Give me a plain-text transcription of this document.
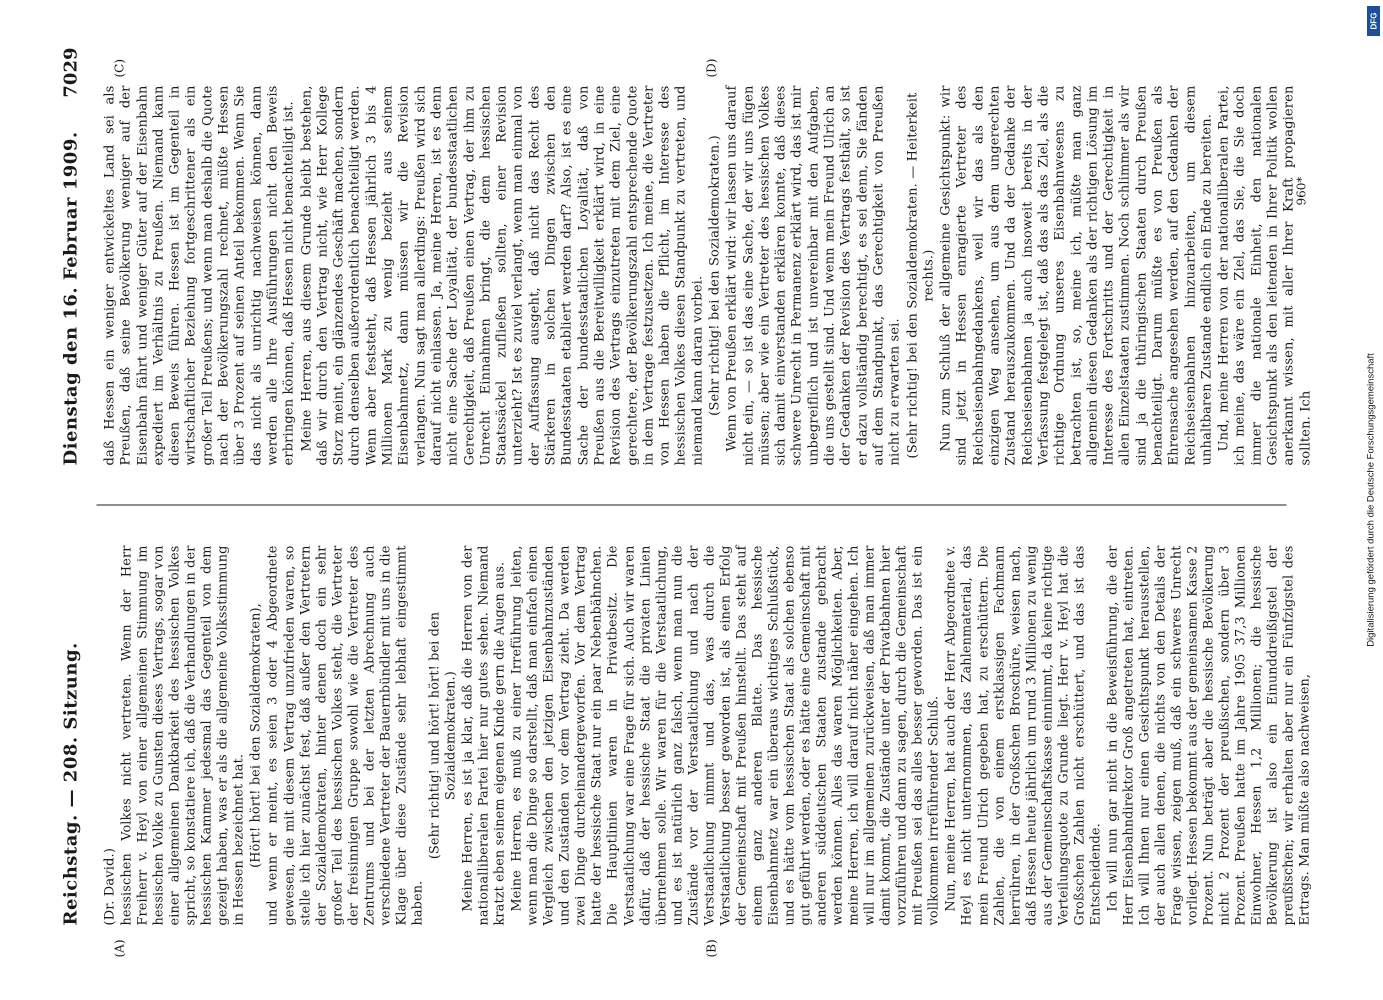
Reichstag. — 208. Sitzung.
Dienstag den 16. Februar 1909.
7029
(A)	(B)
(C)	(D)
(Dr. David.) hessischen Volkes nicht vertreten. Wenn der Herr Freiherr v. Heyl von einer allgemeinen Stimmung im hessischen Volke zu Gunsten dieses Vertrags, sogar von einer allgemeinen Dankbarkeit des hessischen Volkes spricht, so konstatiere ich, daß die Verhandlungen in der hessischen Kammer jedesmal das Gegenteil von dem gezeigt haben, was er als die allgemeine Volksstimmung in Hessen bezeichnet hat. (Hört! hört! bei den Sozialdemokraten), und wenn er meint, es seien 3 oder 4 Abgeordnete gewesen, die mit diesem Vertrag unzufrieden waren, so stelle ich hier zunächst fest, daß außer den Vertretern der Sozialdemokraten, hinter denen doch ein sehr großer Teil des hessischen Volkes steht, die Vertreter der freisinnigen Gruppe sowohl wie die Vertreter des Zentrums und bei der letzten Abrechnung auch verschiedene Vertreter der Bauernbündler mit uns in die Klage über diese Zustände sehr lebhaft eingestimmt haben.

(Sehr richtig! und hört! hört! bei den Sozialdemokraten.) Meine Herren, es ist ja klar, daß die Herren von der nationalliberalen Partei hier nur gutes sehen. Niemand kratzt eben seinem eigenen Kinde gern die Augen aus. Meine Herren, es muß zu einer Irreführung leiten, wenn man die Dinge so darstellt, daß man einfach einen Vergleich zwischen den jetzigen Eisenbahnzuständen und den Zuständen vor dem Vertrag zieht. Da werden zwei Dinge durcheinandergeworfen. Vor dem Vertrag hatte der hessische Staat nur ein paar Nebenbähnchen. Die Hauptlinien waren in Privatbesitz. Die Verstaatlichung war eine Frage für sich. Auch wir waren dafür, daß der hessische Staat die privaten Linien übernehmen solle. Wir waren für die Verstaatlichung, und es ist natürlich ganz falsch, wenn man nun die Zustände vor der Verstaatlichung und nach der Verstaatlichung nimmt und das, was durch die Verstaatlichung besser geworden ist, als einen Erfolg der Gemeinschaft mit Preußen hinstellt. Das steht auf einem ganz anderen Blatte. Das hessische Eisenbahnnetz war ein überaus wichtiges Schlußstück, und es hätte vom hessischen Staat als solchen ebenso gut geführt werden, oder es hätte eine Gemeinschaft mit anderen süddeutschen Staaten zustande gebracht werden können. Alles das waren Möglichkeiten. Aber, meine Herren, ich will darauf nicht näher eingehen. Ich will nur im allgemeinen zurückweisen, daß man immer damit kommt, die Zustände unter der Privatbahnen hier vorzuführen und dann zu sagen, durch die Gemeinschaft mit Preußen sei das alles besser geworden. Das ist ein vollkommen irreführender Schluß. Nun, meine Herren, hat auch der Herr Abgeordnete v. Heyl es nicht unternommen, das Zahlenmaterial, das mein Freund Ulrich gegeben hat, zu erschüttern. Die Zahlen, die von einem erstklassigen Fachmann herrühren, in der Großschen Broschüre, weisen nach, daß Hessen heute jährlich um rund 3 Millionen zu wenig aus der Gemeinschaftskasse einnimmt, da keine richtige Verteilungsquote zu Grunde liegt. Herr v. Heyl hat die Großschen Zahlen nicht erschüttert, und das ist das Entscheidende. Ich will nun gar nicht in die Beweisführung, die der Herr Eisenbahndirektor Groß angetreten hat, eintreten. Ich will Ihnen nur einen Gesichtspunkt herausstellen, der auch allen denen, die nichts von den Details der Frage wissen, zeigen muß, daß ein schweres Unrecht vorliegt. Hessen bekommt aus der gemeinsamen Kasse 2 Prozent. Nun beträgt aber die hessische Bevölkerung nicht 2 Prozent der preußischen, sondern über 3 Prozent. Preußen hatte im Jahre 1905 37,3 Millionen Einwohner, Hessen 1,2 Millionen; die hessische Bevölkerung ist also ein Einunddreißigstel der preußischen; wir erhalten aber nur ein Fünfzigstel des Ertrags. Man müßte also nachweisen,

daß Hessen ein weniger entwickeltes Land sei als Preußen, daß seine Bevölkerung weniger auf der Eisenbahn fährt und weniger Güter auf der Eisenbahn expediert im Verhältnis zu Preußen. Niemand kann diesen Beweis führen. Hessen ist im Gegenteil in wirtschaftlicher Beziehung fortgeschrittener als ein großer Teil Preußens; und wenn man deshalb die Quote nach der Bevölkerungszahl rechnet, müßte Hessen über 3 Prozent auf seinen Anteil bekommen. Wenn Sie das nicht als unrichtig nachweisen können, dann werden alle Ihre Ausführungen nicht den Beweis erbringen können, daß Hessen nicht benachteiligt ist. Meine Herren, aus diesem Grunde bleibt bestehen, daß wir durch den Vertrag nicht, wie Herr Kollege Storz meint, ein glänzendes Geschäft machen, sondern durch denselben außerordentlich benachteiligt werden. Wenn aber feststeht, daß Hessen jährlich 3 bis 4 Millionen Mark zu wenig bezieht aus seinem Eisenbahnnetz, dann müssen wir die Revision verlangen. Nun sagt man allerdings: Preußen wird sich darauf nicht einlassen. Ja, meine Herren, ist es denn nicht eine Sache der Loyalität, der bundesstaatlichen Gerechtigkeit, daß Preußen einen Vertrag, der ihm zu Unrecht Einnahmen bringt, die dem hessischen Staatssäckel zufließen sollten, einer Revision unterzieht? Ist es zuviel verlangt, wenn man einmal von der Auffassung ausgeht, daß nicht das Recht des Stärkeren in solchen Dingen zwischen den Bundesstaaten etabliert werden darf? Also, ist es eine Sache der bundesstaatlichen Loyalität, daß von Preußen aus die Bereitwilligkeit erklärt wird, in eine Revision des Vertrags einzutreten mit dem Ziel, eine gerechtere, der Bevölkerungszahl entsprechende Quote in dem Vertrage festzusetzen. Ich meine, die Vertreter von Hessen haben die Pflicht, im Interesse des hessischen Volkes diesen Standpunkt zu vertreten, und niemand kann daran vorbei. (Sehr richtig! bei den Sozialdemokraten.) Wenn von Preußen erklärt wird: wir lassen uns darauf nicht ein, — so ist das eine Sache, der wir uns fügen müssen; aber wie ein Vertreter des hessischen Volkes sich damit einverstanden erklären konnte, daß dieses schwere Unrecht in Permanenz erklärt wird, das ist mir unbegreiflich und ist unvereinbar mit den Aufgaben, die uns gestellt sind. Und wenn mein Freund Ulrich an der Gedanken der Revision des Vertrags festhält, so ist er dazu vollständig berechtigt, es sei denn, Sie fänden auf dem Standpunkt, das Gerechtigkeit von Preußen nicht zu erwarten sei. (Sehr richtig! bei den Sozialdemokraten. — Heiterkeit rechts.) Nun zum Schluß der allgemeine Gesichtspunkt: wir sind jetzt in Hessen enragierte Vertreter des Reichseisenbahngedankens, weil wir das als den einzigen Weg ansehen, um aus dem ungerechten Zustand herauszukommen. Und da der Gedanke der Reichseisenbahnen ja auch insoweit bereits in der Verfassung festgelegt ist, daß das als das Ziel, als die richtige Ordnung unseres Eisenbahnwesens zu betrachten ist, so, meine ich, müßte man ganz allgemein diesen Gedanken als der richtigen Lösung im Interesse des Fortschritts und der Gerechtigkeit in allen Einzelstaaten zustimmen. Noch schlimmer als wir sind ja die thüringischen Staaten durch Preußen benachteiligt. Darum müßte es von Preußen als Ehrensache angesehen werden, auf den Gedanken der Reichseisenbahnen hinzuarbeiten, um diesem unhaltbaren Zustande endlich ein Ende zu bereiten. Und, meine Herren von der nationalliberalen Partei, ich meine, das wäre ein Ziel, das Sie, die Sie doch immer die nationale Einheit, den nationalen Gesichtspunkt als den leitenden in Ihrer Politik wollen anerkannt wissen, mit aller Ihrer Kraft propagieren sollten. Ich

960*
Digitalisierung gefördert durch die Deutsche Forschungsgemeinschaft
DFG
